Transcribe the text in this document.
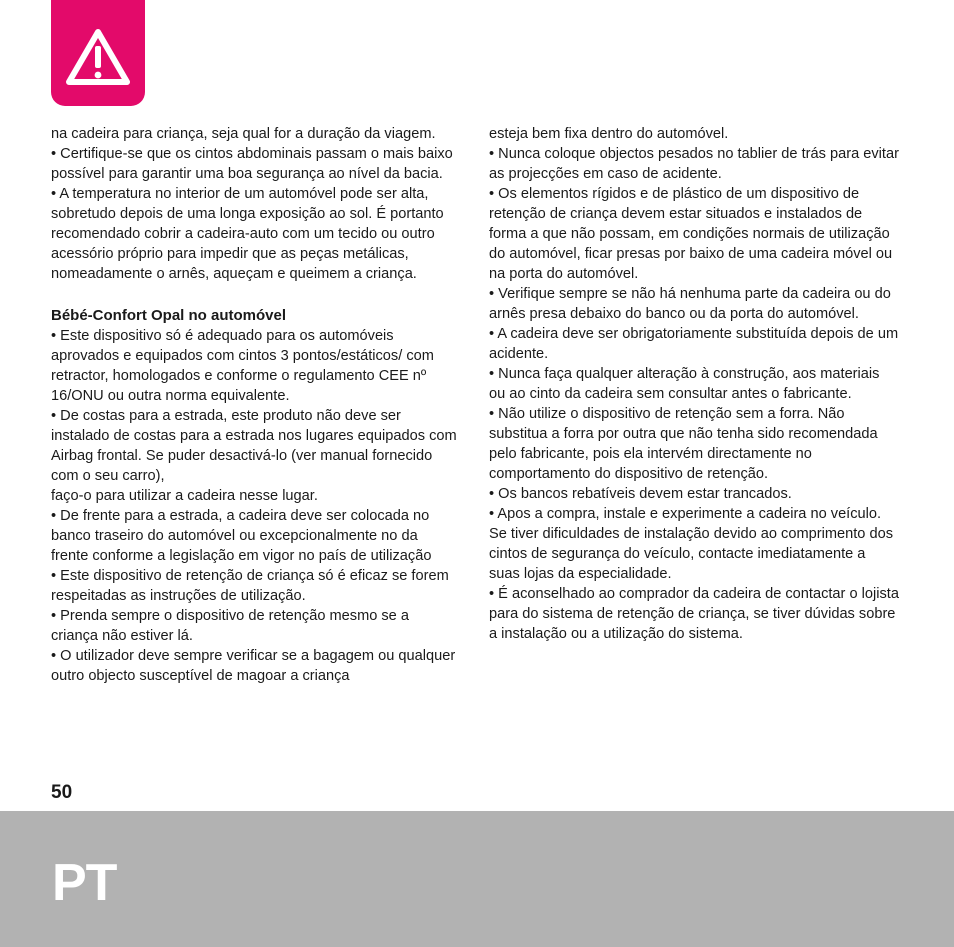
na cadeira para criança, seja qual for a duração da viagem.

• Certifique-se que os cintos abdominais passam o mais baixo possível para garantir uma boa segurança ao nível da bacia.

• A temperatura no interior de um automóvel pode ser alta, sobretudo depois de uma longa exposição ao sol. É portanto recomendado cobrir a cadeira-auto com um tecido ou outro acessório próprio para impedir que as peças metálicas, nomeadamente o arnês, aqueçam e queimem a criança.

Bébé-Confort Opal no automóvel

• Este dispositivo só é adequado para os automóveis aprovados e equipados com cintos 3 pontos/estáticos/ com retractor, homologados e conforme o regulamento CEE nº 16/ONU ou outra norma equivalente.

• De costas para a estrada, este produto não deve ser instalado de costas para a estrada nos lugares equipados com Airbag frontal. Se puder desactivá-lo (ver manual fornecido com o seu carro),

faço-o para utilizar a cadeira nesse lugar.

• De frente para a estrada, a cadeira deve ser colocada no banco traseiro do automóvel ou excepcionalmente no da frente conforme a legislação em vigor no país de utilização

• Este dispositivo de retenção de criança só é eficaz se forem respeitadas as instruções de utilização.

• Prenda sempre o dispositivo de retenção mesmo se a criança não estiver lá.

• O utilizador deve sempre verificar se a bagagem ou qualquer outro objecto susceptível de magoar a criança

esteja bem fixa dentro do automóvel.

• Nunca coloque objectos pesados no tablier de trás para evitar as projecções em caso de acidente.

• Os elementos rígidos e de plástico de um dispositivo de retenção de criança devem estar situados e instalados de forma a que não possam, em condições normais de utilização do automóvel, ficar presas por baixo de uma cadeira móvel ou na porta do automóvel.

• Verifique sempre se não há nenhuma parte da cadeira ou do arnês presa debaixo do banco ou da porta do automóvel.

• A cadeira deve ser obrigatoriamente substituída depois de um acidente.

• Nunca faça qualquer alteração à construção, aos materiais ou ao cinto da cadeira sem consultar antes o fabricante.

• Não utilize o dispositivo de retenção sem a forra. Não substitua a forra por outra que não tenha sido recomendada pelo fabricante, pois ela intervém directamente no comportamento do dispositivo de retenção.

• Os bancos rebatíveis devem estar trancados.

• Apos a compra, instale e experimente a cadeira no veículo. Se tiver dificuldades de instalação devido ao comprimento dos cintos de segurança do veículo, contacte imediatamente a suas lojas da especialidade.

• É aconselhado ao comprador da cadeira de contactar o lojista para do sistema de retenção de criança, se tiver dúvidas sobre a instalação ou a utilização do sistema.

50
PT
